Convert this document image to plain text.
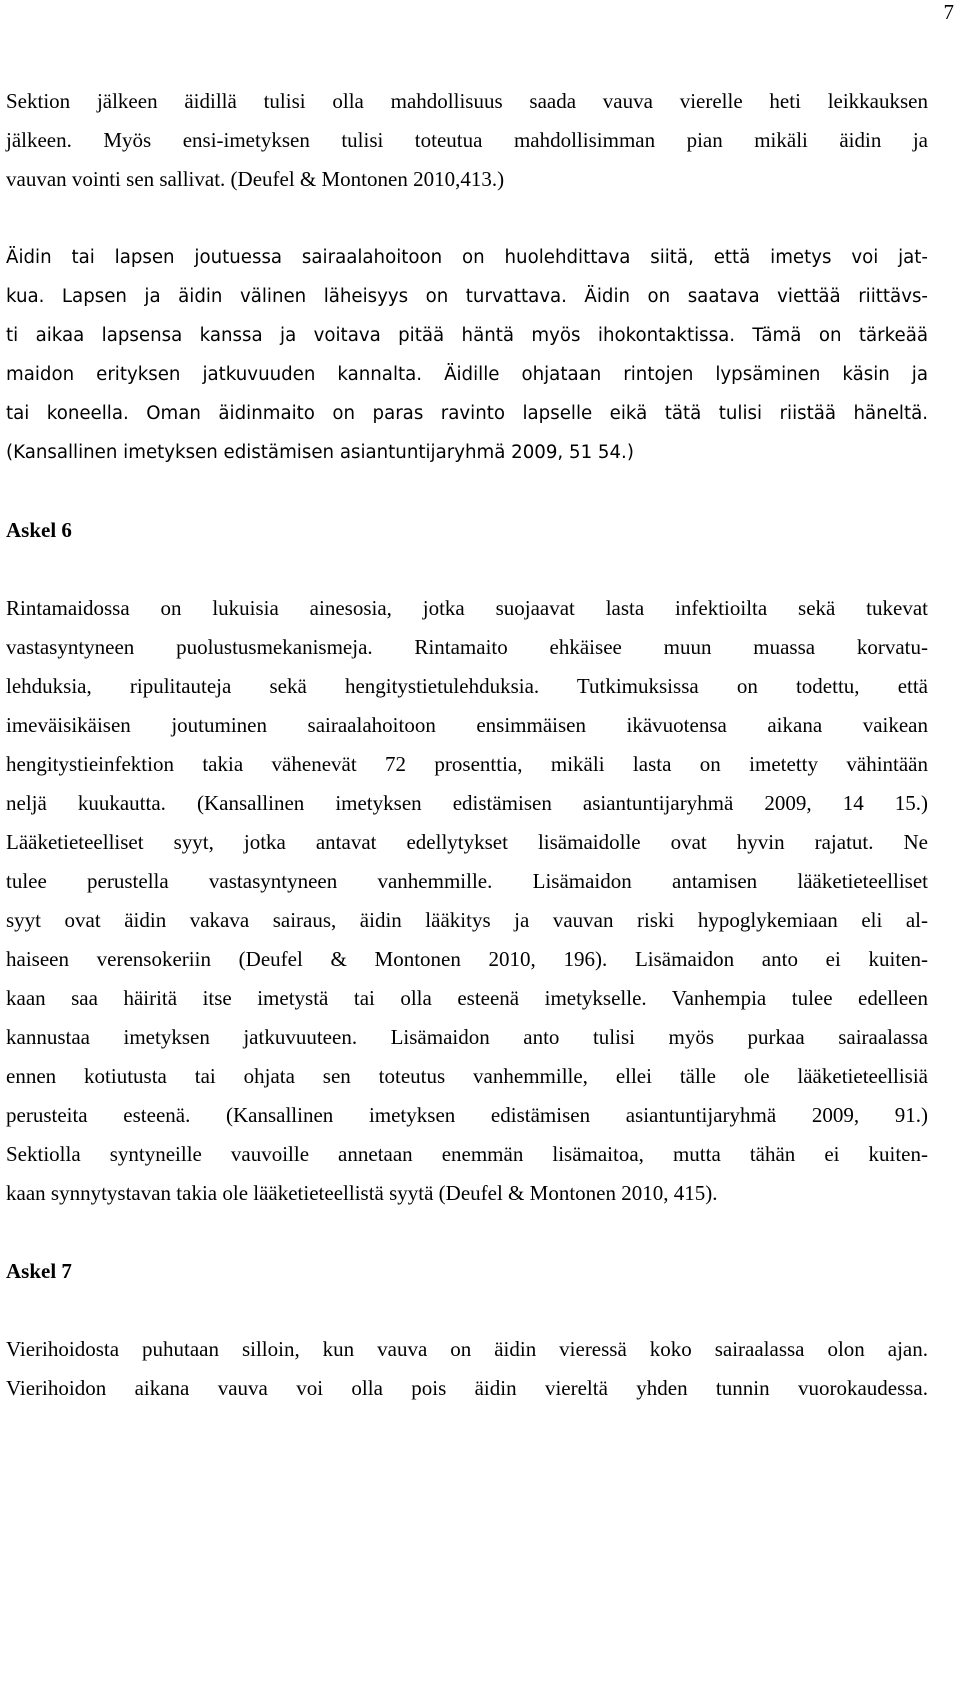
7

Sektion jälkeen äidillä tulisi olla mahdollisuus saada vauva vierelle heti leikkauksen
jälkeen. Myös ensi-imetyksen tulisi toteutua mahdollisimman pian mikäli äidin ja
vauvan vointi sen sallivat. (Deufel & Montonen 2010,413.)
Äidin tai lapsen joutuessa sairaalahoitoon on huolehdittava siitä, että imetys voi jat-
kua. Lapsen ja äidin välinen läheisyys on turvattava. Äidin on saatava viettää riittävs-
ti aikaa lapsensa kanssa ja voitava pitää häntä myös ihokontaktissa. Tämä on tärkeää
maidon erityksen jatkuvuuden kannalta. Äidille ohjataan rintojen lypsäminen käsin ja
tai koneella. Oman äidinmaito on paras ravinto lapselle eikä tätä tulisi riistää häneltä.
(Kansallinen imetyksen edistämisen asiantuntijaryhmä 2009, 51 54.)
Askel 6
Rintamaidossa on lukuisia ainesosia, jotka suojaavat lasta infektioilta sekä tukevat
vastasyntyneen puolustusmekanismeja. Rintamaito ehkäisee muun muassa korvatu-
lehduksia, ripulitauteja sekä hengitystietulehduksia. Tutkimuksissa on todettu, että
imeväisikäisen joutuminen sairaalahoitoon ensimmäisen ikävuotensa aikana vaikean
hengitystieinfektion takia vähenevät 72 prosenttia, mikäli lasta on imetetty vähintään
neljä kuukautta. (Kansallinen imetyksen edistämisen asiantuntijaryhmä 2009, 14 15.)
Lääketieteelliset syyt, jotka antavat edellytykset lisämaidolle ovat hyvin rajatut. Ne
tulee perustella vastasyntyneen vanhemmille. Lisämaidon antamisen lääketieteelliset
syyt ovat äidin vakava sairaus, äidin lääkitys ja vauvan riski hypoglykemiaan eli al-
haiseen verensokeriin (Deufel & Montonen 2010, 196). Lisämaidon anto ei kuiten-
kaan saa häiritä itse imetystä tai olla esteenä imetykselle. Vanhempia tulee edelleen
kannustaa imetyksen jatkuvuuteen. Lisämaidon anto tulisi myös purkaa sairaalassa
ennen kotiutusta tai ohjata sen toteutus vanhemmille, ellei tälle ole lääketieteellisiä
perusteita esteenä. (Kansallinen imetyksen edistämisen asiantuntijaryhmä 2009, 91.)
Sektiolla syntyneille vauvoille annetaan enemmän lisämaitoa, mutta tähän ei kuiten-
kaan synnytystavan takia ole lääketieteellistä syytä (Deufel & Montonen 2010, 415).
Askel 7
Vierihoidosta puhutaan silloin, kun vauva on äidin vieressä koko sairaalassa olon ajan.
Vierihoidon aikana vauva voi olla pois äidin viereltä yhden tunnin vuorokaudessa.
